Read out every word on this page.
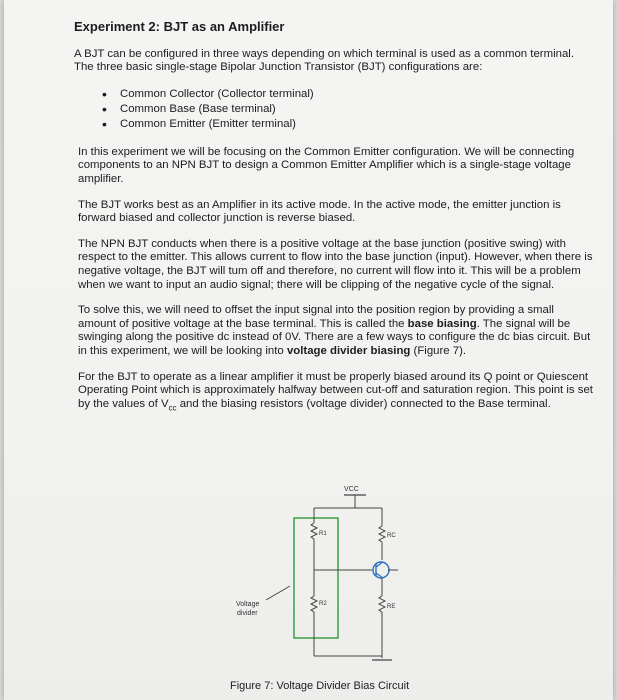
Experiment 2: BJT as an Amplifier

A BJT can be configured in three ways depending on which terminal is used as a common terminal. The three basic single-stage Bipolar Junction Transistor (BJT) configurations are:

• Common Collector (Collector terminal)
• Common Base (Base terminal)
• Common Emitter (Emitter terminal)

In this experiment we will be focusing on the Common Emitter configuration. We will be connecting components to an NPN BJT to design a Common Emitter Amplifier which is a single-stage voltage amplifier.

The BJT works best as an Amplifier in its active mode. In the active mode, the emitter junction is forward biased and collector junction is reverse biased.

The NPN BJT conducts when there is a positive voltage at the base junction (positive swing) with respect to the emitter. This allows current to flow into the base junction (input). However, when there is negative voltage, the BJT will tum off and therefore, no current will flow into it. This will be a problem when we want to input an audio signal; there will be clipping of the negative cycle of the signal.

To solve this, we will need to offset the input signal into the position region by providing a small amount of positive voltage at the base terminal. This is called the base biasing. The signal will be swinging along the positive dc instead of 0V. There are a few ways to configure the dc bias circuit. But in this experiment, we will be looking into voltage divider biasing (Figure 7).

For the BJT to operate as a linear amplifier it must be properly biased around its Q point or Quiescent Operating Point which is approximately halfway between cut-off and saturation region. This point is set by the values of $V_{cc}$ and the biasing resistors (voltage divider) connected to the Base terminal.

VCC
R1
R2
RC
RE
Voltage
divider
Figure 7: Voltage Divider Bias Circuit
